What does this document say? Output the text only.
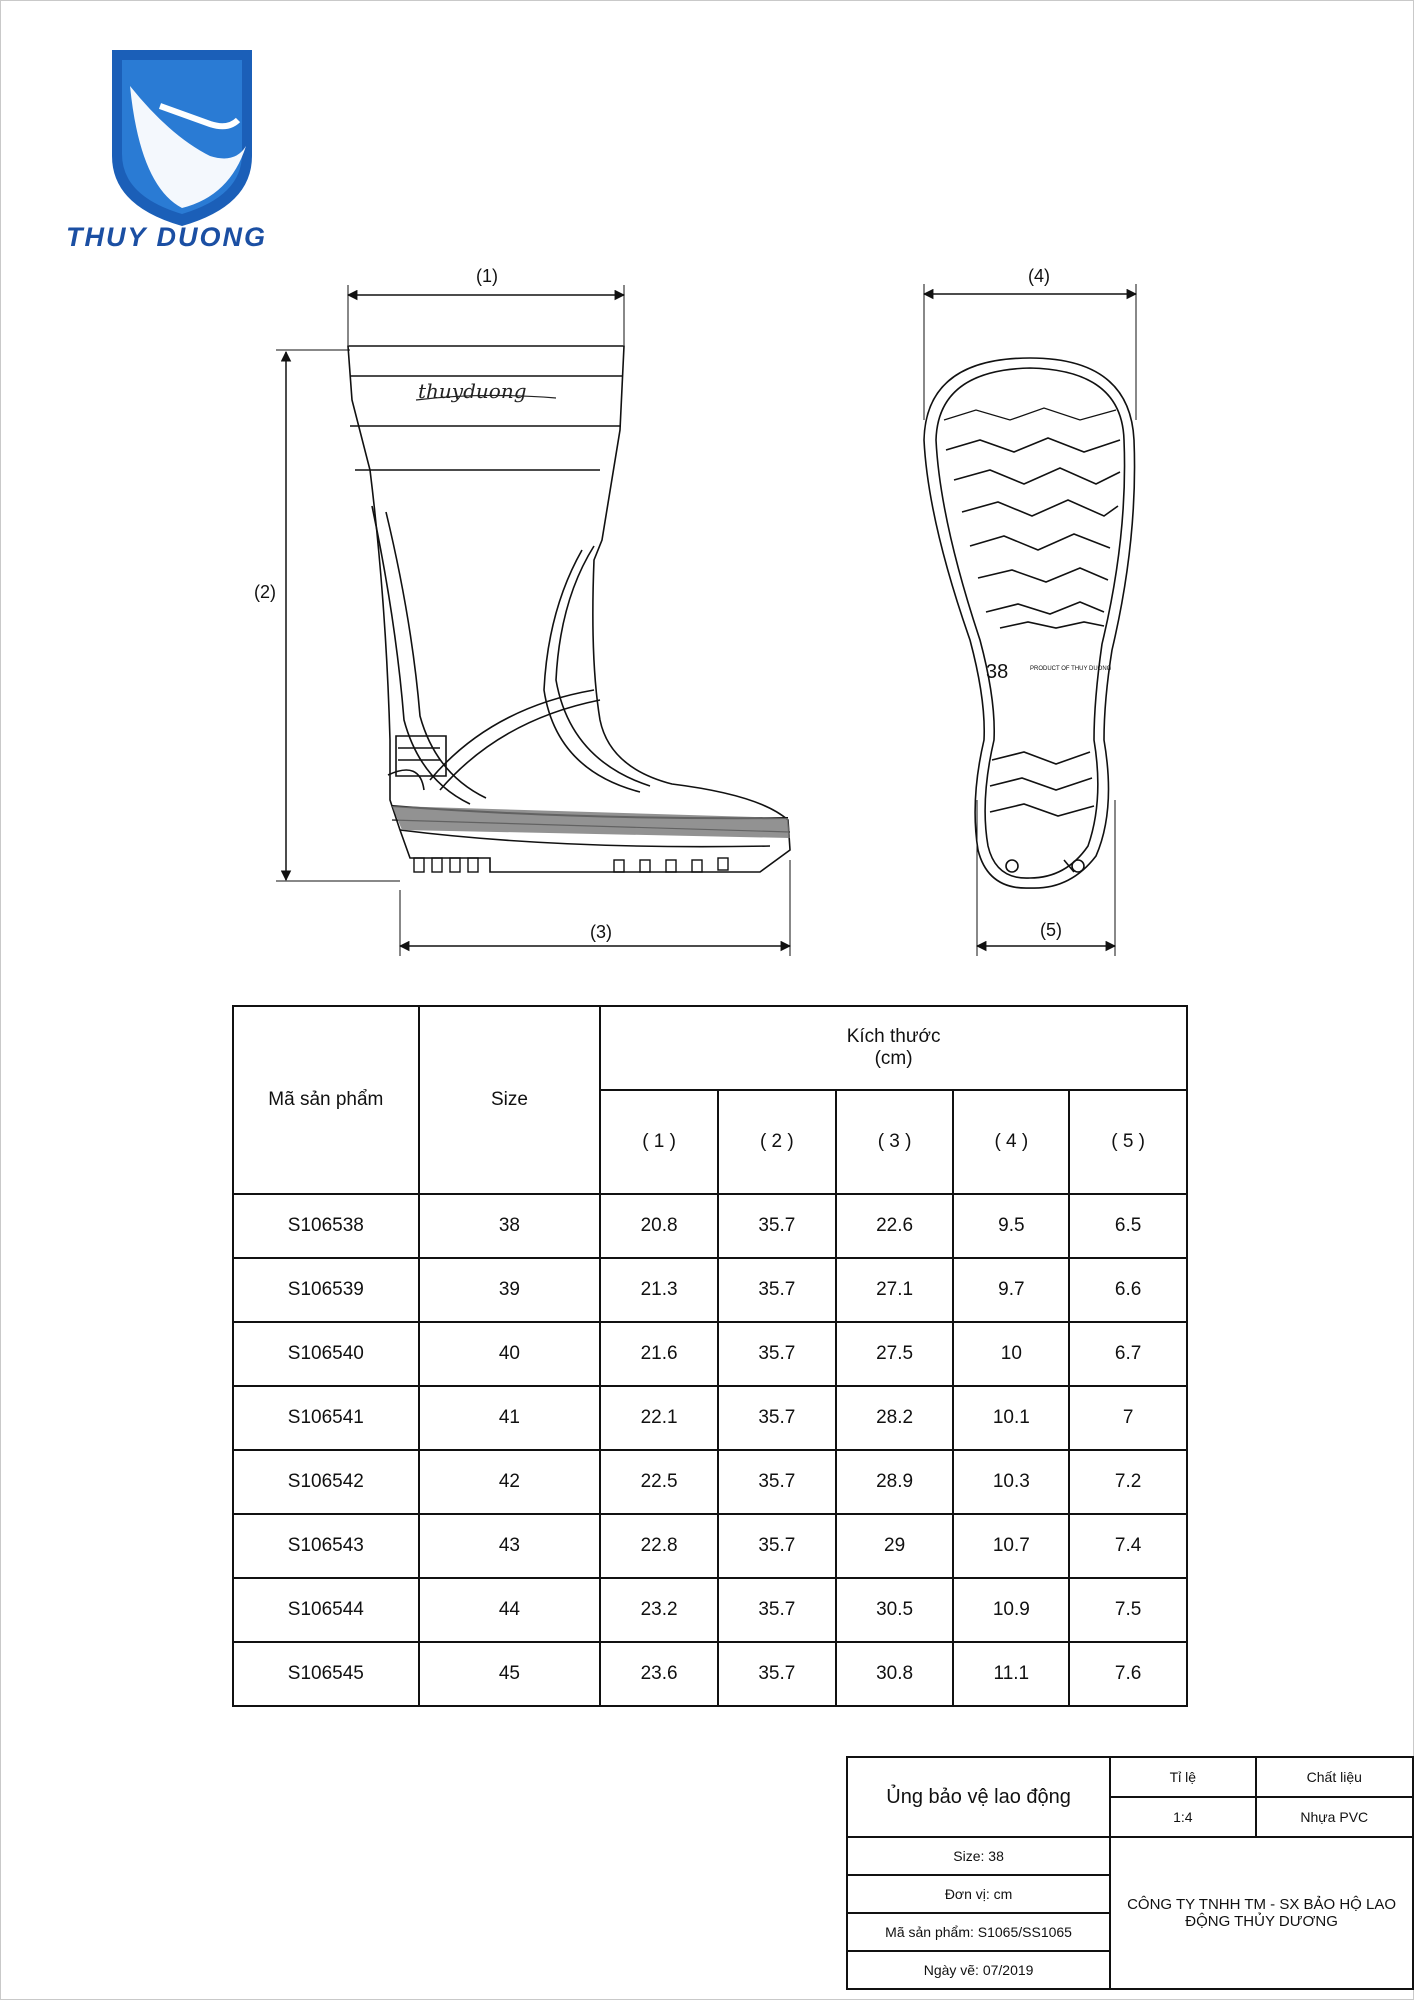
THUY DUONG
(1)
(2)
(3)
thuyduong
(4)
(5)
38	PRODUCT OF THUY DUONG
Mã sản phẩm	Size	Kích thước
(cm)				

		( 1 )	( 2 )	( 3 )	( 4 )	( 5 )
S106538	38	20.8	35.7	22.6	9.5	6.5
S106539	39	21.3	35.7	27.1	9.7	6.6
S106540	40	21.6	35.7	27.5	10	6.7
S106541	41	22.1	35.7	28.2	10.1	7
S106542	42	22.5	35.7	28.9	10.3	7.2
S106543	43	22.8	35.7	29	10.7	7.4
S106544	44	23.2	35.7	30.5	10.9	7.5
S106545	45	23.6	35.7	30.8	11.1	7.6
Ủng bảo vệ lao động	Tỉ lệ	Chất liệu
	1:4	Nhựa PVC
Size: 38	CÔNG TY TNHH TM - SX BẢO HỘ LAO ĐỘNG THỦY DƯƠNG	
Đơn vị: cm		
Mã sản phẩm: S1065/SS1065		
Ngày vẽ: 07/2019		
